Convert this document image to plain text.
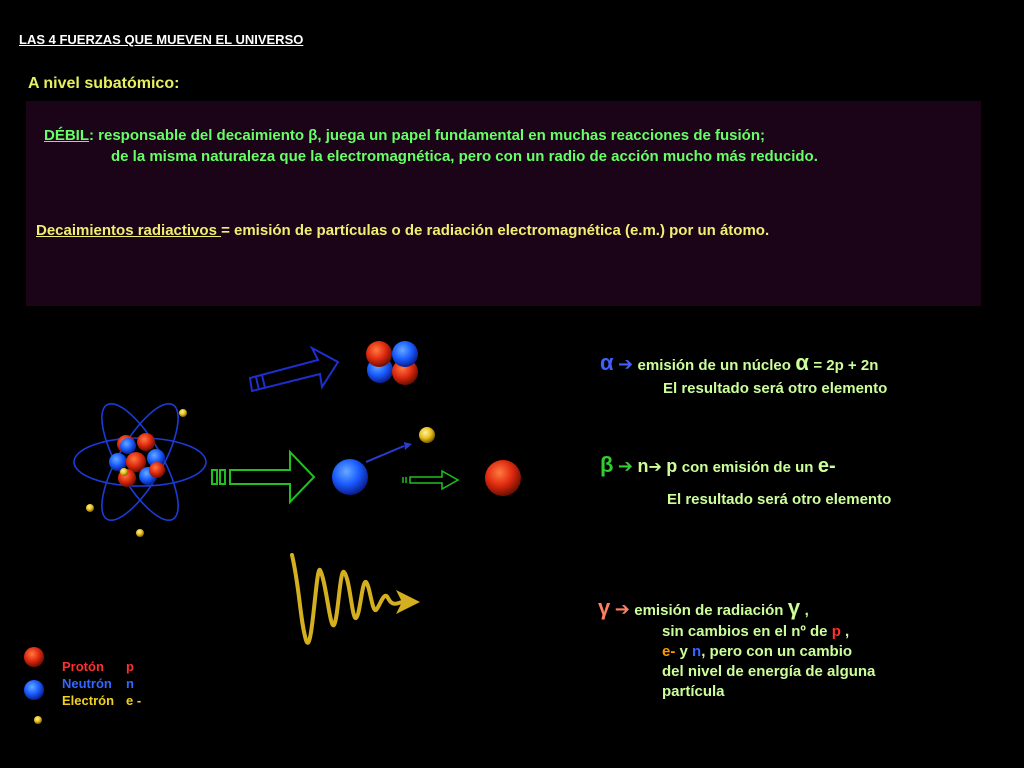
LAS 4 FUERZAS QUE MUEVEN EL UNIVERSO
A nivel subatómico:
DÉBIL: responsable del decaimiento β, juega un papel fundamental en muchas reacciones de fusión;
de la misma naturaleza que la electromagnética, pero con un radio de acción mucho más reducido.
Decaimientos radiactivos = emisión de partículas o de radiación electromagnética (e.m.) por un átomo.
α ➔ emisión de un núcleo α = 2p + 2n
El resultado será otro elemento
β ➔ n➔ p con emisión de un e-
El resultado será otro elemento
γ ➔ emisión de radiación γ ,
sin cambios en el nº de p ,
e- y n, pero con un cambio
del nivel de energía de alguna
partícula
Protón p
Neutrón n
Electrón e -
